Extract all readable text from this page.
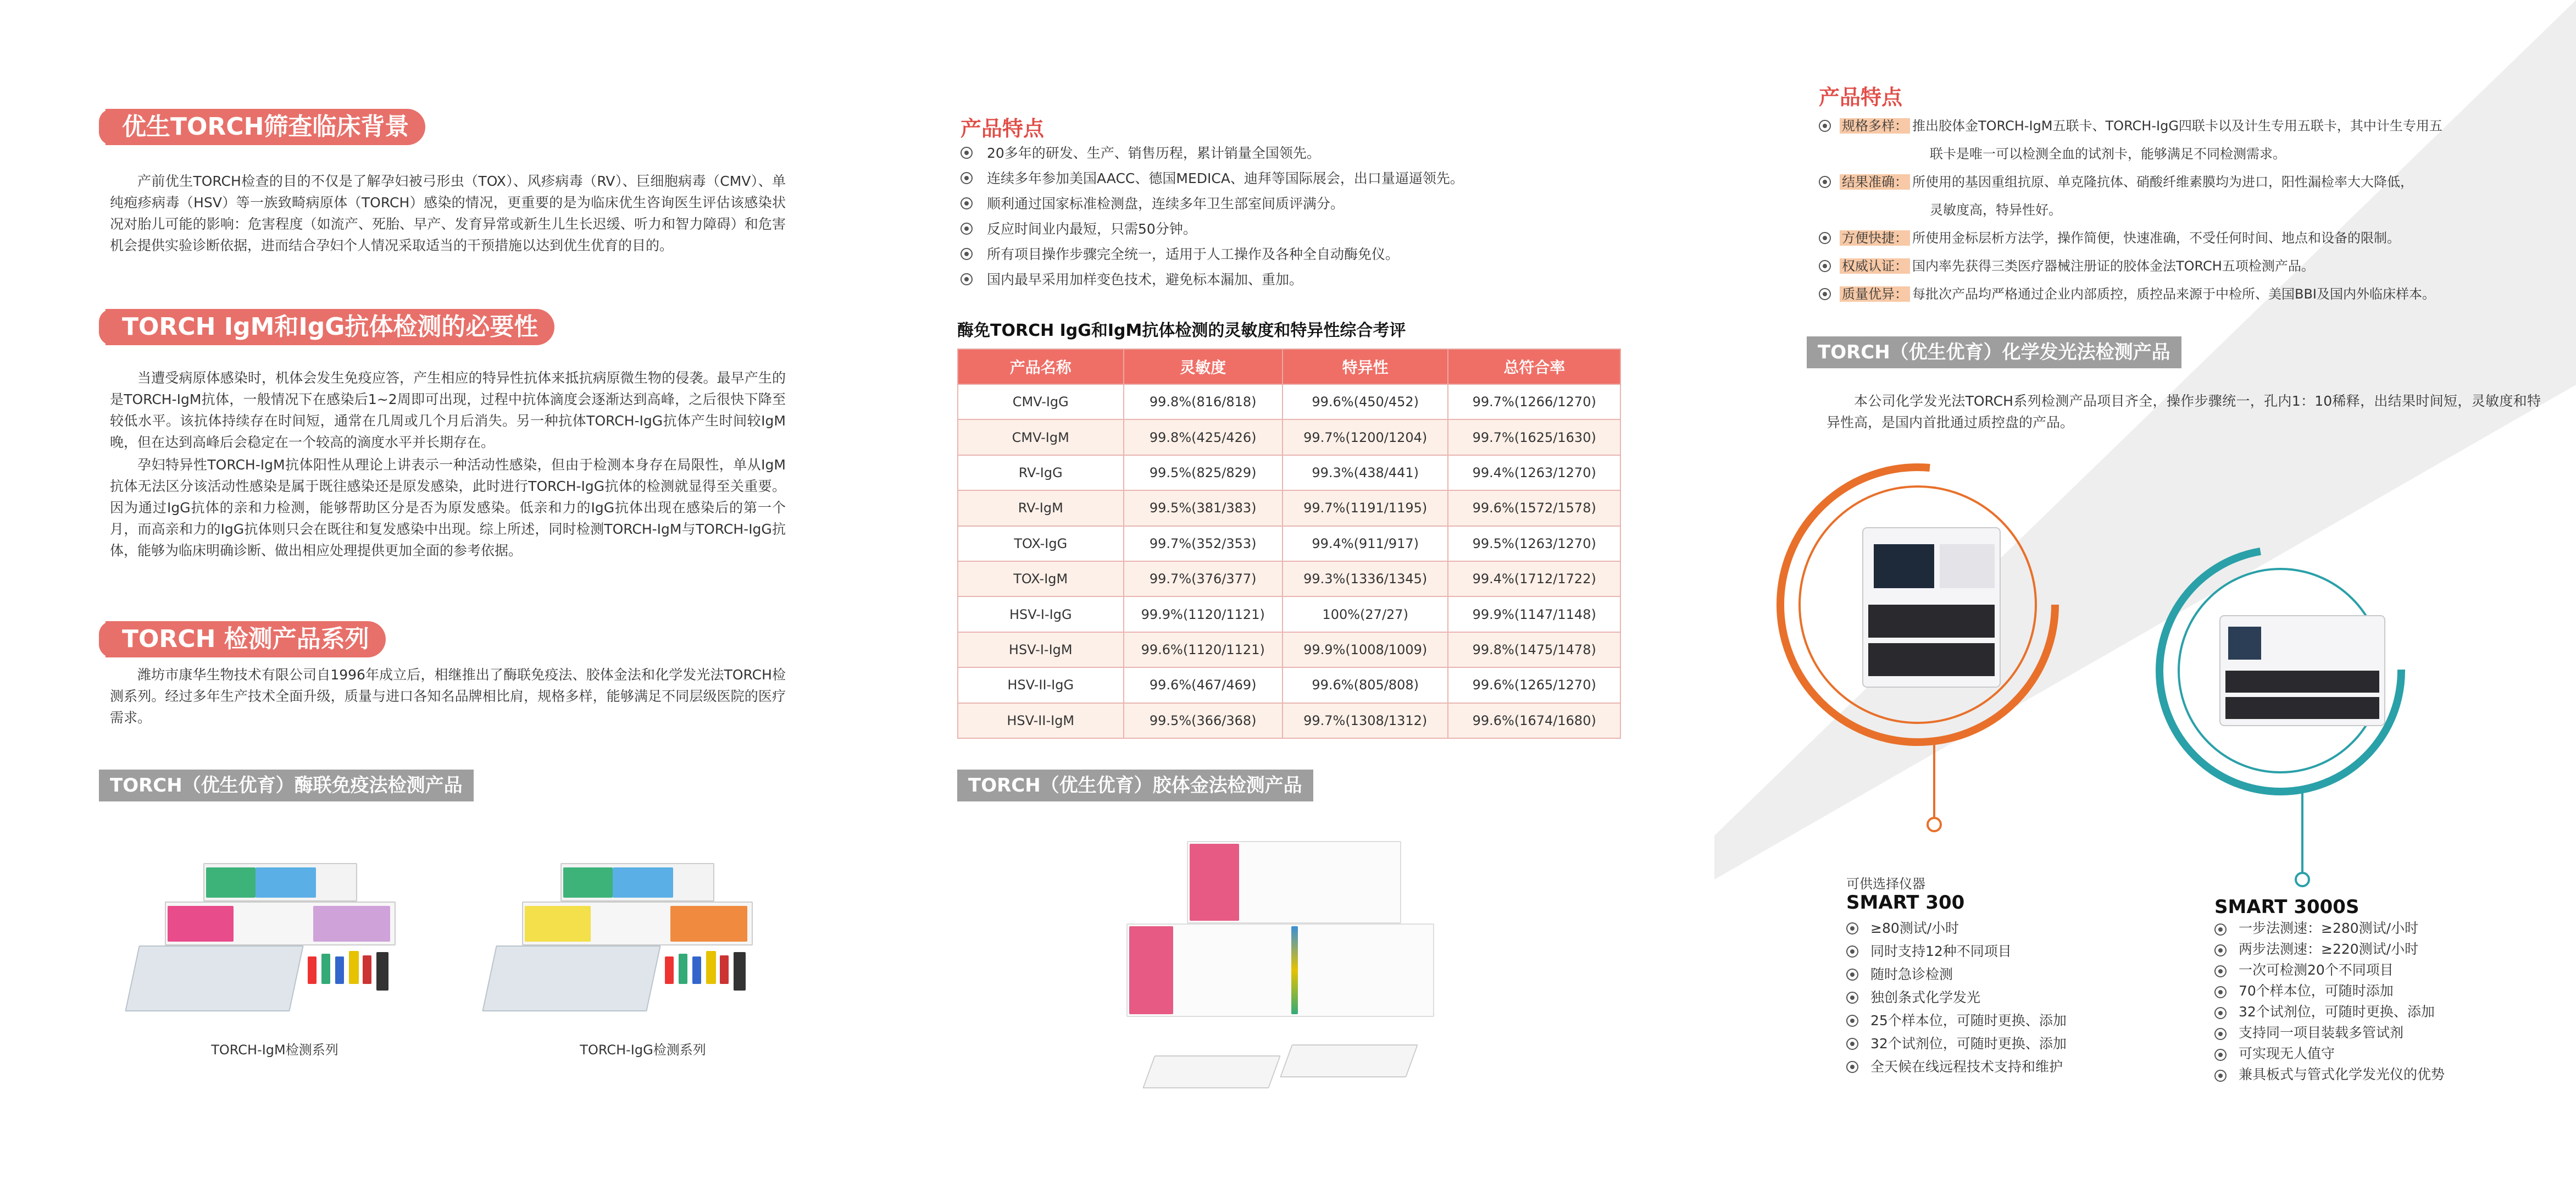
优生TORCH筛查临床背景

产前优生TORCH检查的目的不仅是了解孕妇被弓形虫（TOX）、风疹病毒（RV）、巨细胞病毒（CMV）、单纯疱疹病毒（HSV）等一族致畸病原体（TORCH）感染的情况，更重要的是为临床优生咨询医生评估该感染状况对胎儿可能的影响：危害程度（如流产、死胎、早产、发育异常或新生儿生长迟缓、听力和智力障碍）和危害机会提供实验诊断依据，进而结合孕妇个人情况采取适当的干预措施以达到优生优育的目的。

TORCH IgM和IgG抗体检测的必要性

当遭受病原体感染时，机体会发生免疫应答，产生相应的特异性抗体来抵抗病原微生物的侵袭。最早产生的是TORCH-IgM抗体，一般情况下在感染后1~2周即可出现，过程中抗体滴度会逐渐达到高峰，之后很快下降至较低水平。该抗体持续存在时间短，通常在几周或几个月后消失。另一种抗体TORCH-IgG抗体产生时间较IgM晚，但在达到高峰后会稳定在一个较高的滴度水平并长期存在。

孕妇特异性TORCH-IgM抗体阳性从理论上讲表示一种活动性感染，但由于检测本身存在局限性，单从IgM抗体无法区分该活动性感染是属于既往感染还是原发感染，此时进行TORCH-IgG抗体的检测就显得至关重要。因为通过IgG抗体的亲和力检测，能够帮助区分是否为原发感染。低亲和力的IgG抗体出现在感染后的第一个月，而高亲和力的IgG抗体则只会在既往和复发感染中出现。综上所述，同时检测TORCH-IgM与TORCH-IgG抗体，能够为临床明确诊断、做出相应处理提供更加全面的参考依据。

TORCH 检测产品系列

潍坊市康华生物技术有限公司自1996年成立后，相继推出了酶联免疫法、胶体金法和化学发光法TORCH检测系列。经过多年生产技术全面升级，质量与进口各知名品牌相比肩，规格多样，能够满足不同层级医院的医疗需求。

TORCH（优生优育）酶联免疫法检测产品
TORCH-IgM检测系列	TORCH-IgG检测系列
产品特点
20多年的研发、生产、销售历程，累计销量全国领先。
连续多年参加美国AACC、德国MEDICA、迪拜等国际展会，出口量逼逼领先。
顺利通过国家标准检测盘，连续多年卫生部室间质评满分。
反应时间业内最短，只需50分钟。
所有项目操作步骤完全统一，适用于人工操作及各种全自动酶免仪。
国内最早采用加样变色技术，避免标本漏加、重加。
酶免TORCH IgG和IgM抗体检测的灵敏度和特异性综合考评
产品名称	灵敏度	特异性	总符合率
CMV-IgG	99.8%(816/818)	99.6%(450/452)	99.7%(1266/1270)
CMV-IgM	99.8%(425/426)	99.7%(1200/1204)	99.7%(1625/1630)
RV-IgG	99.5%(825/829)	99.3%(438/441)	99.4%(1263/1270)
RV-IgM	99.5%(381/383)	99.7%(1191/1195)	99.6%(1572/1578)
TOX-IgG	99.7%(352/353)	99.4%(911/917)	99.5%(1263/1270)
TOX-IgM	99.7%(376/377)	99.3%(1336/1345)	99.4%(1712/1722)
HSV-I-IgG	99.9%(1120/1121)	100%(27/27)	99.9%(1147/1148)
HSV-I-IgM	99.6%(1120/1121)	99.9%(1008/1009)	99.8%(1475/1478)
HSV-II-IgG	99.6%(467/469)	99.6%(805/808)	99.6%(1265/1270)
HSV-II-IgM	99.5%(366/368)	99.7%(1308/1312)	99.6%(1674/1680)
TORCH（优生优育）胶体金法检测产品
产品特点
规格多样： 推出胶体金TORCH-IgM五联卡、TORCH-IgG四联卡以及计生专用五联卡，其中计生专用五
联卡是唯一可以检测全血的试剂卡，能够满足不同检测需求。
结果准确： 所使用的基因重组抗原、单克隆抗体、硝酸纤维素膜均为进口，阳性漏检率大大降低，
灵敏度高，特异性好。
方便快捷： 所使用金标层析方法学，操作简便，快速准确，不受任何时间、地点和设备的限制。
权威认证： 国内率先获得三类医疗器械注册证的胶体金法TORCH五项检测产品。
质量优异： 每批次产品均严格通过企业内部质控，质控品来源于中检所、美国BBI及国内外临床样本。
TORCH（优生优育）化学发光法检测产品

本公司化学发光法TORCH系列检测产品项目齐全，操作步骤统一，孔内1：10稀释，出结果时间短，灵敏度和特异性高，是国内首批通过质控盘的产品。

可供选择仪器
SMART 300
≥80测试/小时
同时支持12种不同项目
随时急诊检测
独创条式化学发光
25个样本位，可随时更换、添加
32个试剂位，可随时更换、添加
全天候在线远程技术支持和维护
SMART 3000S
一步法测速：≥280测试/小时
两步法测速：≥220测试/小时
一次可检测20个不同项目
70个样本位，可随时添加
32个试剂位，可随时更换、添加
支持同一项目装载多管试剂
可实现无人值守
兼具板式与管式化学发光仪的优势
